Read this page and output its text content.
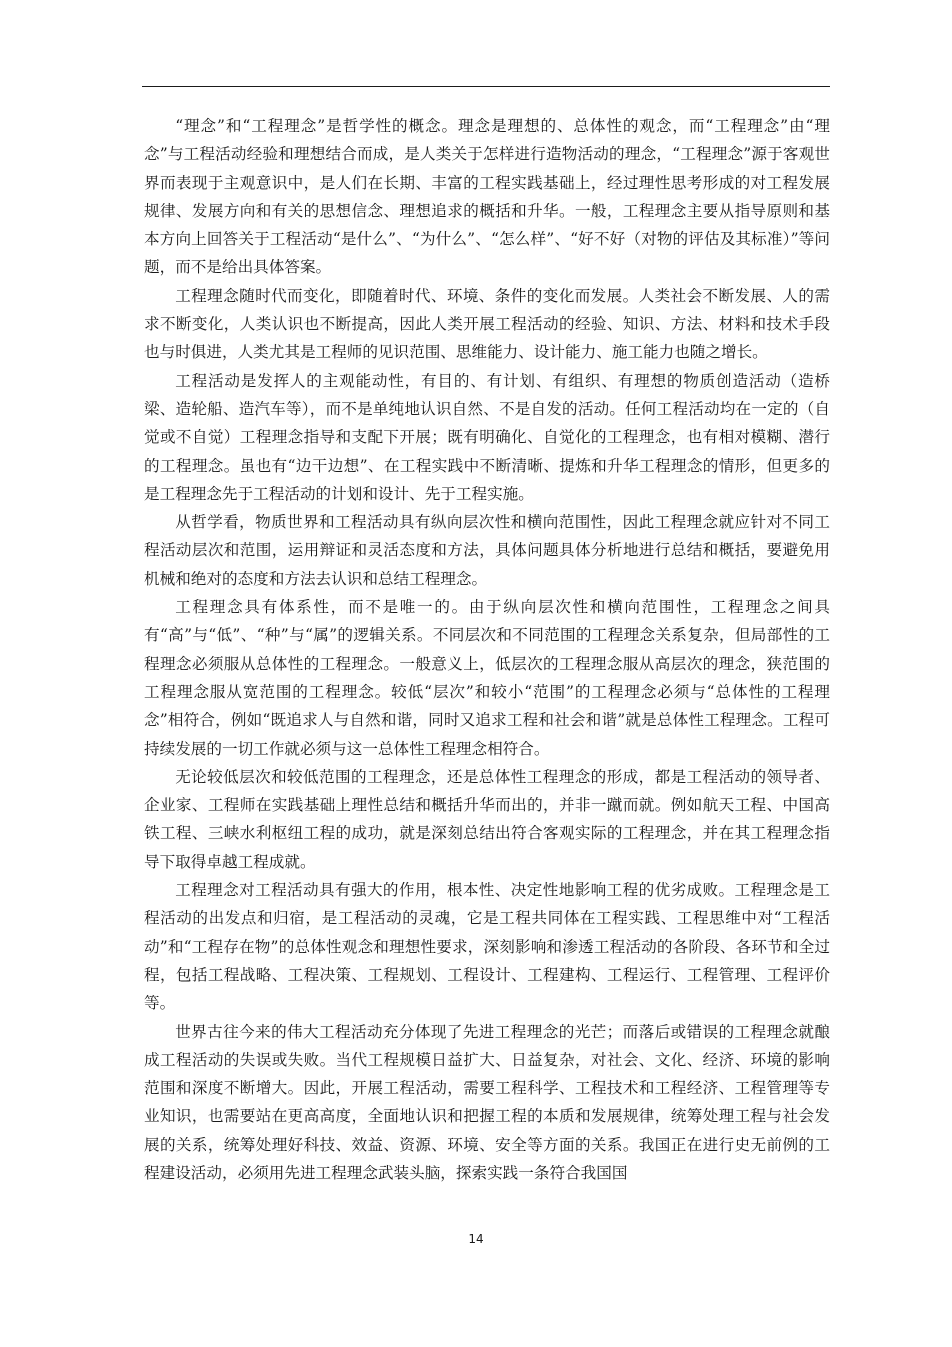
“理念”和“工程理念”是哲学性的概念。理念是理想的、总体性的观念，而“工程理念”由“理念”与工程活动经验和理想结合而成，是人类关于怎样进行造物活动的理念，“工程理念”源于客观世界而表现于主观意识中，是人们在长期、丰富的工程实践基础上，经过理性思考形成的对工程发展规律、发展方向和有关的思想信念、理想追求的概括和升华。一般，工程理念主要从指导原则和基本方向上回答关于工程活动“是什么”、“为什么”、“怎么样”、“好不好（对物的评估及其标准）”等问题，而不是给出具体答案。

工程理念随时代而变化，即随着时代、环境、条件的变化而发展。人类社会不断发展、人的需求不断变化，人类认识也不断提高，因此人类开展工程活动的经验、知识、方法、材料和技术手段也与时俱进，人类尤其是工程师的见识范围、思维能力、设计能力、施工能力也随之增长。

工程活动是发挥人的主观能动性，有目的、有计划、有组织、有理想的物质创造活动（造桥梁、造轮船、造汽车等），而不是单纯地认识自然、不是自发的活动。任何工程活动均在一定的（自觉或不自觉）工程理念指导和支配下开展；既有明确化、自觉化的工程理念，也有相对模糊、潜行的工程理念。虽也有“边干边想”、在工程实践中不断清晰、提炼和升华工程理念的情形，但更多的是工程理念先于工程活动的计划和设计、先于工程实施。

从哲学看，物质世界和工程活动具有纵向层次性和横向范围性，因此工程理念就应针对不同工程活动层次和范围，运用辩证和灵活态度和方法，具体问题具体分析地进行总结和概括，要避免用机械和绝对的态度和方法去认识和总结工程理念。

工程理念具有体系性，而不是唯一的。由于纵向层次性和横向范围性，工程理念之间具有“高”与“低”、“种”与“属”的逻辑关系。不同层次和不同范围的工程理念关系复杂，但局部性的工程理念必须服从总体性的工程理念。一般意义上，低层次的工程理念服从高层次的理念，狭范围的工程理念服从宽范围的工程理念。较低“层次”和较小“范围”的工程理念必须与“总体性的工程理念”相符合，例如“既追求人与自然和谐，同时又追求工程和社会和谐”就是总体性工程理念。工程可持续发展的一切工作就必须与这一总体性工程理念相符合。

无论较低层次和较低范围的工程理念，还是总体性工程理念的形成，都是工程活动的领导者、企业家、工程师在实践基础上理性总结和概括升华而出的，并非一蹴而就。例如航天工程、中国高铁工程、三峡水利枢纽工程的成功，就是深刻总结出符合客观实际的工程理念，并在其工程理念指导下取得卓越工程成就。

工程理念对工程活动具有强大的作用，根本性、决定性地影响工程的优劣成败。工程理念是工程活动的出发点和归宿，是工程活动的灵魂，它是工程共同体在工程实践、工程思维中对“工程活动”和“工程存在物”的总体性观念和理想性要求，深刻影响和渗透工程活动的各阶段、各环节和全过程，包括工程战略、工程决策、工程规划、工程设计、工程建构、工程运行、工程管理、工程评价等。

世界古往今来的伟大工程活动充分体现了先进工程理念的光芒；而落后或错误的工程理念就酿成工程活动的失误或失败。当代工程规模日益扩大、日益复杂，对社会、文化、经济、环境的影响范围和深度不断增大。因此，开展工程活动，需要工程科学、工程技术和工程经济、工程管理等专业知识，也需要站在更高高度，全面地认识和把握工程的本质和发展规律，统筹处理工程与社会发展的关系，统筹处理好科技、效益、资源、环境、安全等方面的关系。我国正在进行史无前例的工程建设活动，必须用先进工程理念武装头脑，探索实践一条符合我国国

14
